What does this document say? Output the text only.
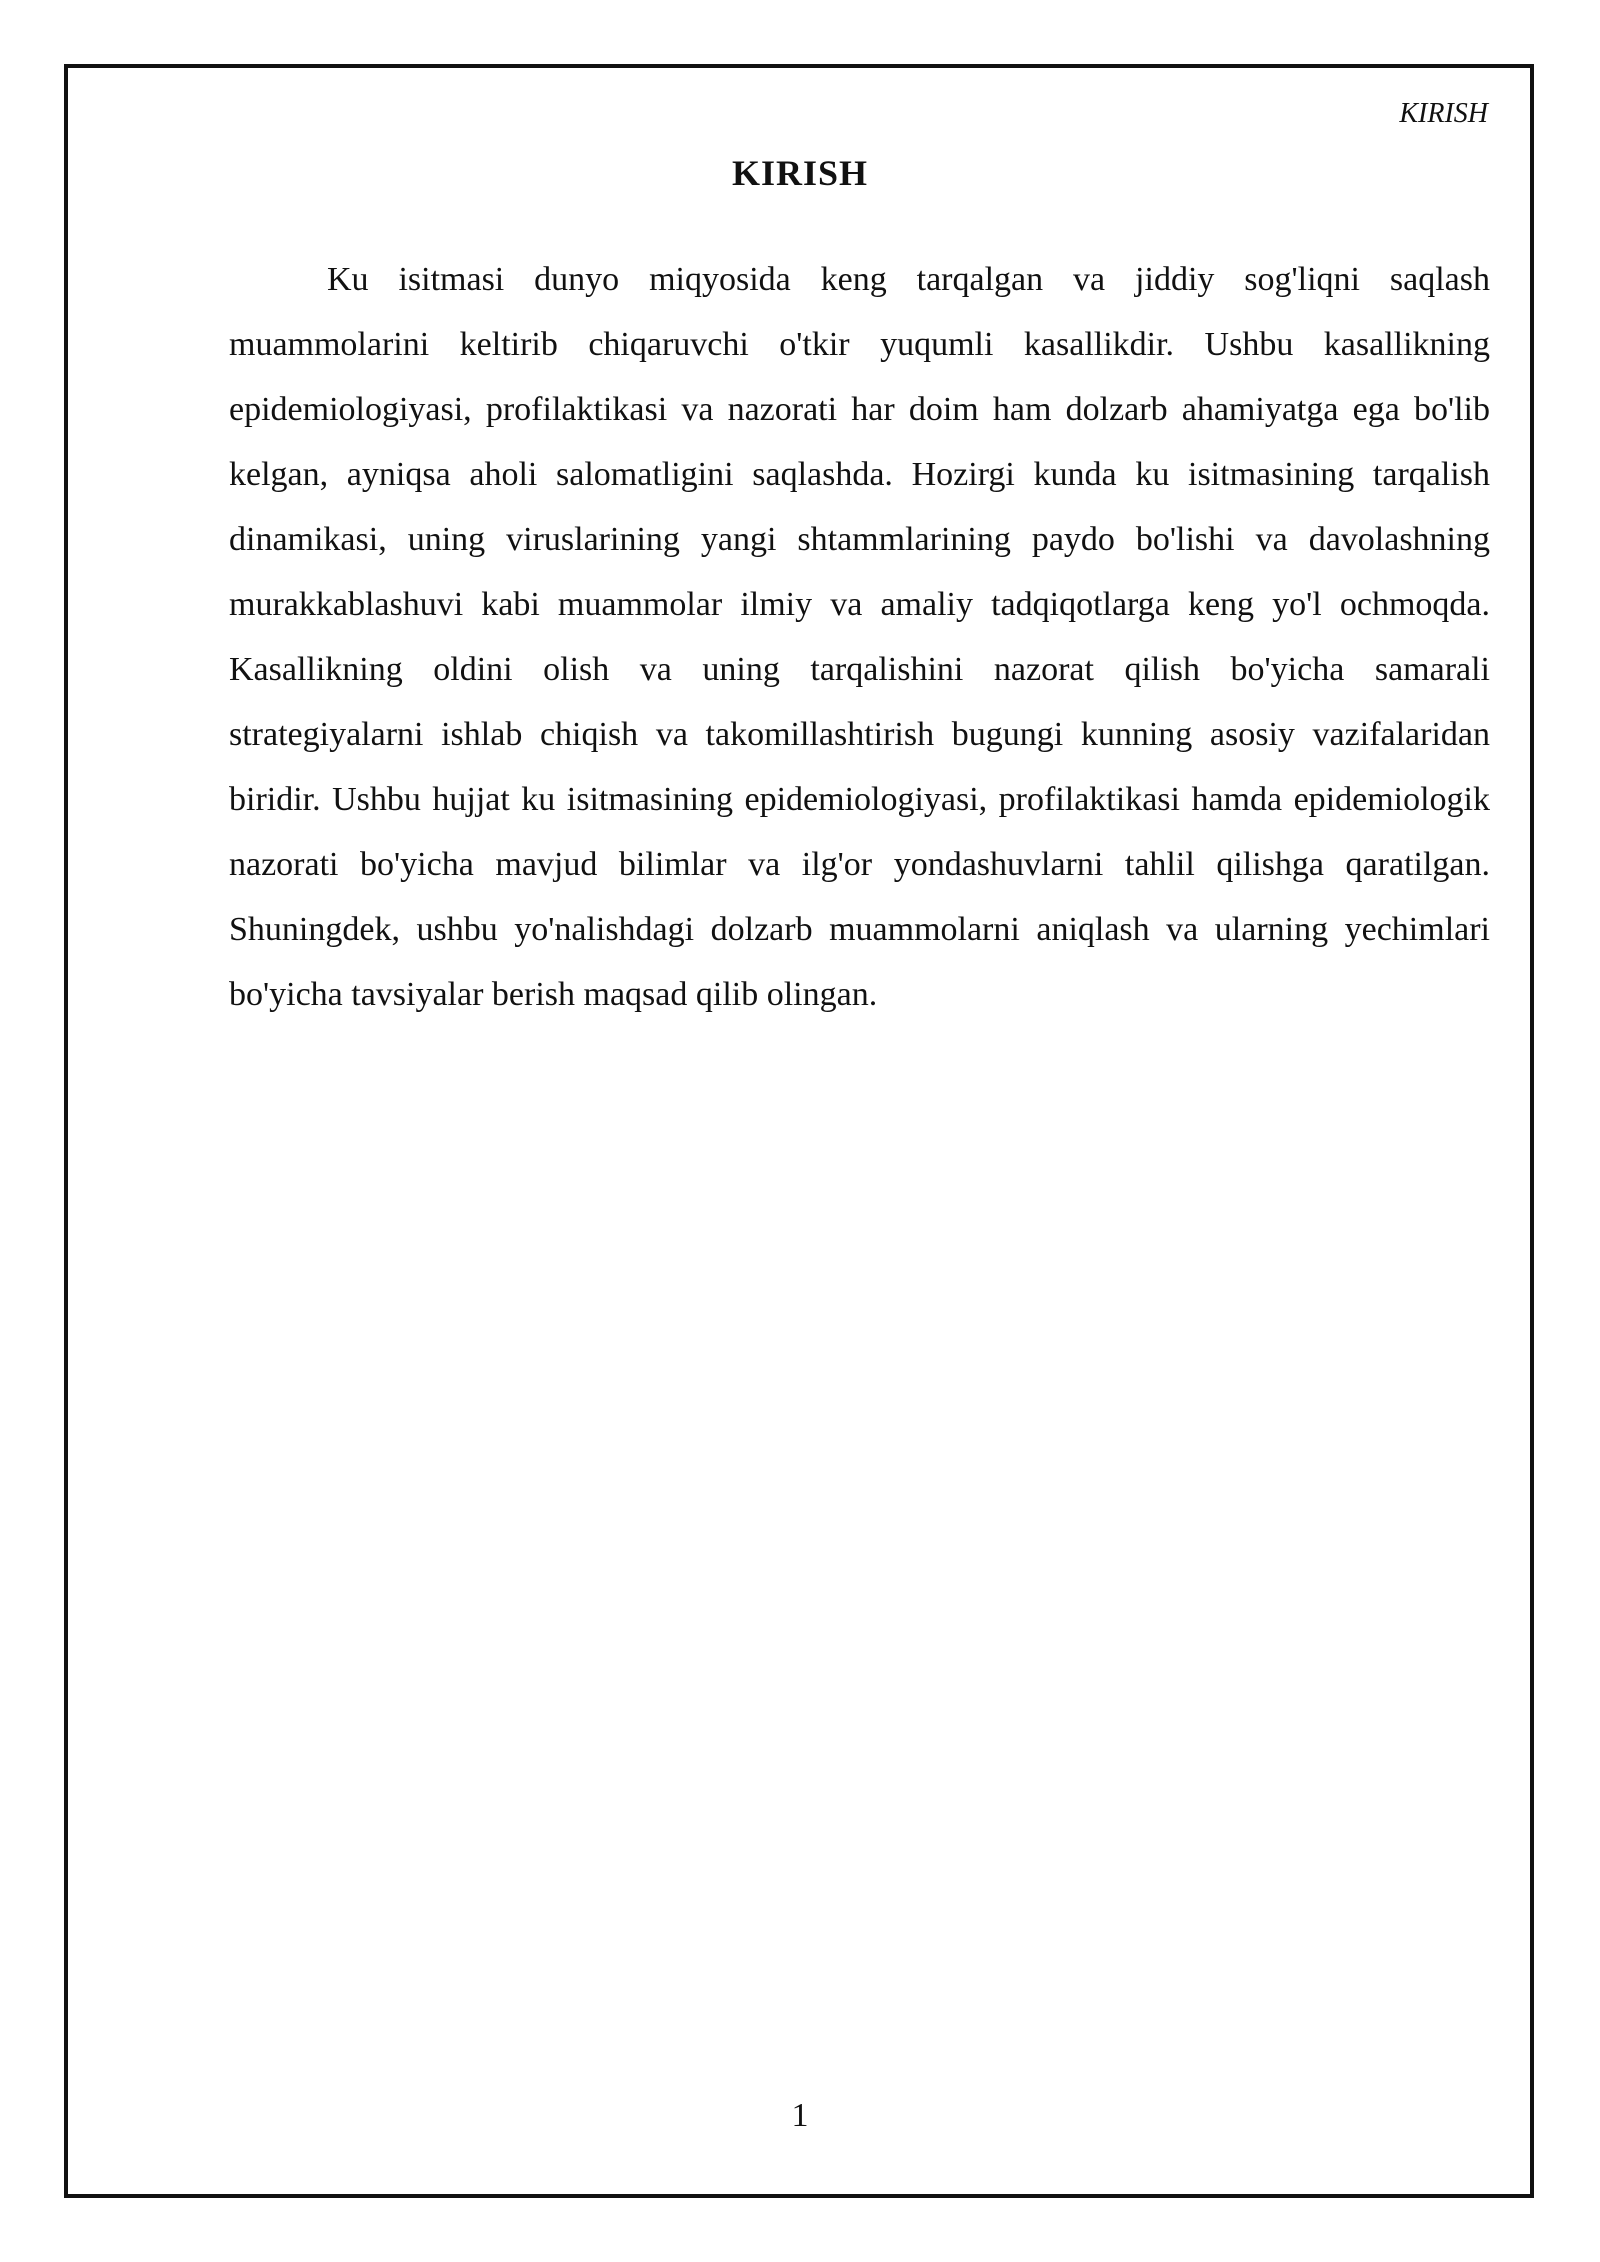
KIRISH
KIRISH

Ku isitmasi dunyo miqyosida keng tarqalgan va jiddiy sog'liqni saqlash muammolarini keltirib chiqaruvchi o'tkir yuqumli kasallikdir. Ushbu kasallikning epidemiologiyasi, profilaktikasi va nazorati har doim ham dolzarb ahamiyatga ega bo'lib kelgan, ayniqsa aholi salomatligini saqlashda. Hozirgi kunda ku isitmasining tarqalish dinamikasi, uning viruslarining yangi shtammlarining paydo bo'lishi va davolashning murakkablashuvi kabi muammolar ilmiy va amaliy tadqiqotlarga keng yo'l ochmoqda. Kasallikning oldini olish va uning tarqalishini nazorat qilish bo'yicha samarali strategiyalarni ishlab chiqish va takomillashtirish bugungi kunning asosiy vazifalaridan biridir. Ushbu hujjat ku isitmasining epidemiologiyasi, profilaktikasi hamda epidemiologik nazorati bo'yicha mavjud bilimlar va ilg'or yondashuvlarni tahlil qilishga qaratilgan. Shuningdek, ushbu yo'nalishdagi dolzarb muammolarni aniqlash va ularning yechimlari bo'yicha tavsiyalar berish maqsad qilib olingan.

1
